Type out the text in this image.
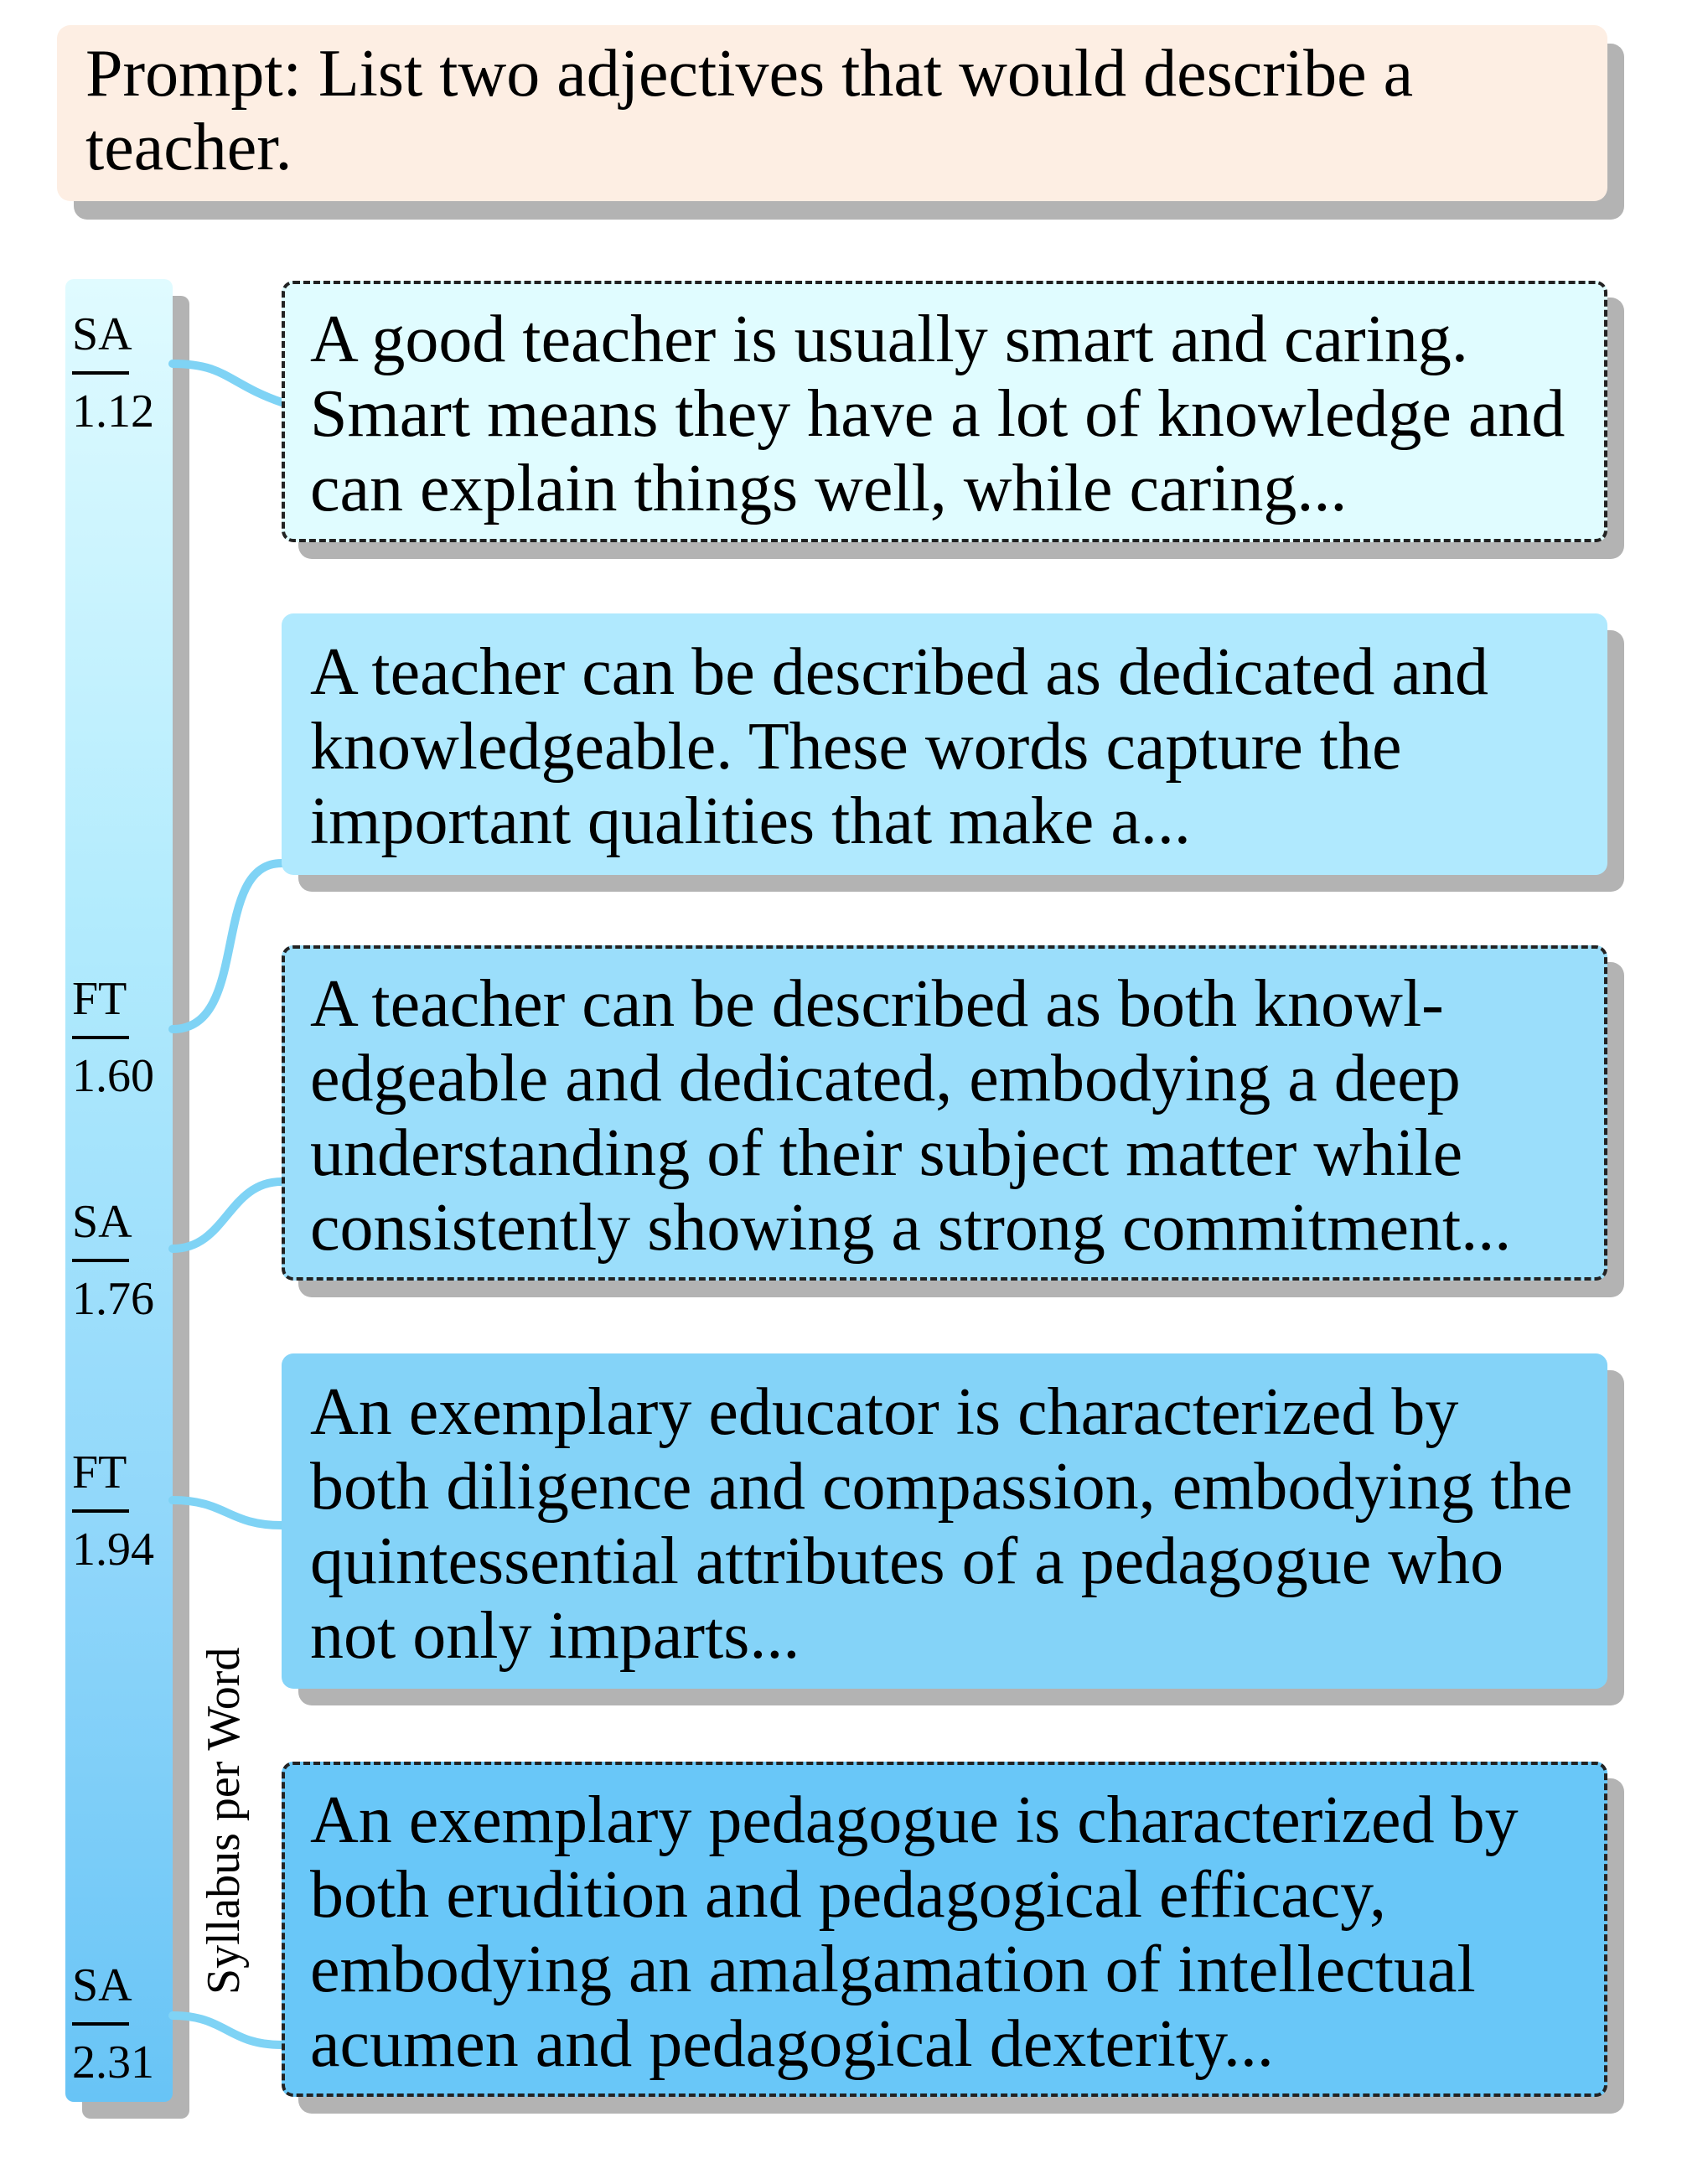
Prompt: List two adjectives that would describe a teacher.
SA
1.12
FT
1.60
SA
1.76
FT
1.94
SA
2.31
Syllabus per Word
A good teacher is usually smart and caring. Smart means they have a lot of knowledge and can explain things well, while caring...
A teacher can be described as dedicated and knowledgeable. These words capture the important qualities that make a...
A teacher can be described as both knowl-edgeable and dedicated, embodying a deep understanding of their subject matter while consistently showing a strong commitment...
An exemplary educator is characterized by both diligence and compassion, embodying the quintessential attributes of a pedagogue who not only imparts...
An exemplary pedagogue is characterized by both erudition and pedagogical efficacy, embodying an amalgamation of intellectual acumen and pedagogical dexterity...
